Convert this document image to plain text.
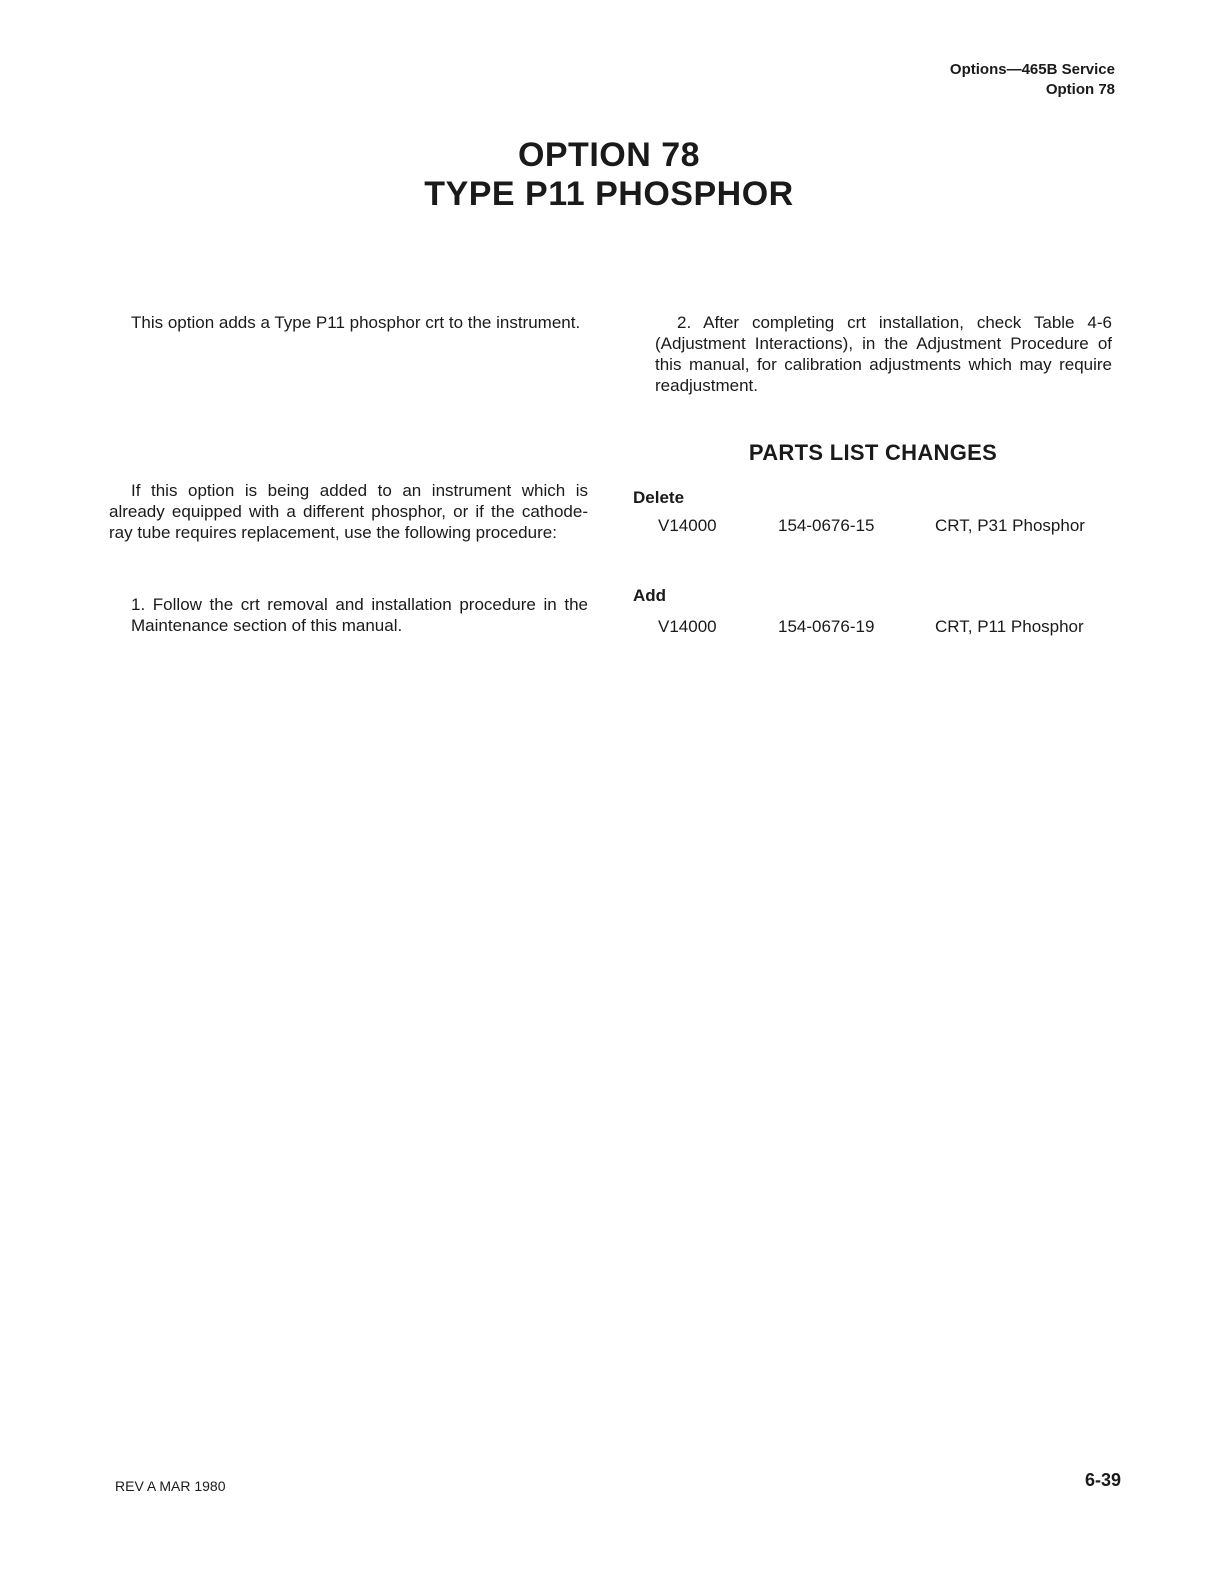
Options—465B Service
Option 78
OPTION 78
TYPE P11 PHOSPHOR

This option adds a Type P11 phosphor crt to the instrument.

If this option is being added to an instrument which is already equipped with a different phosphor, or if the cathode-ray tube requires replacement, use the following procedure:

1. Follow the crt removal and installation procedure in the Maintenance section of this manual.

2. After completing crt installation, check Table 4-6 (Adjustment Interactions), in the Adjustment Procedure of this manual, for calibration adjustments which may require readjustment.

PARTS LIST CHANGES
Delete
V14000	154-0676-15	CRT, P31 Phosphor
Add
V14000	154-0676-19	CRT, P11 Phosphor
REV A MAR 1980	6-39
